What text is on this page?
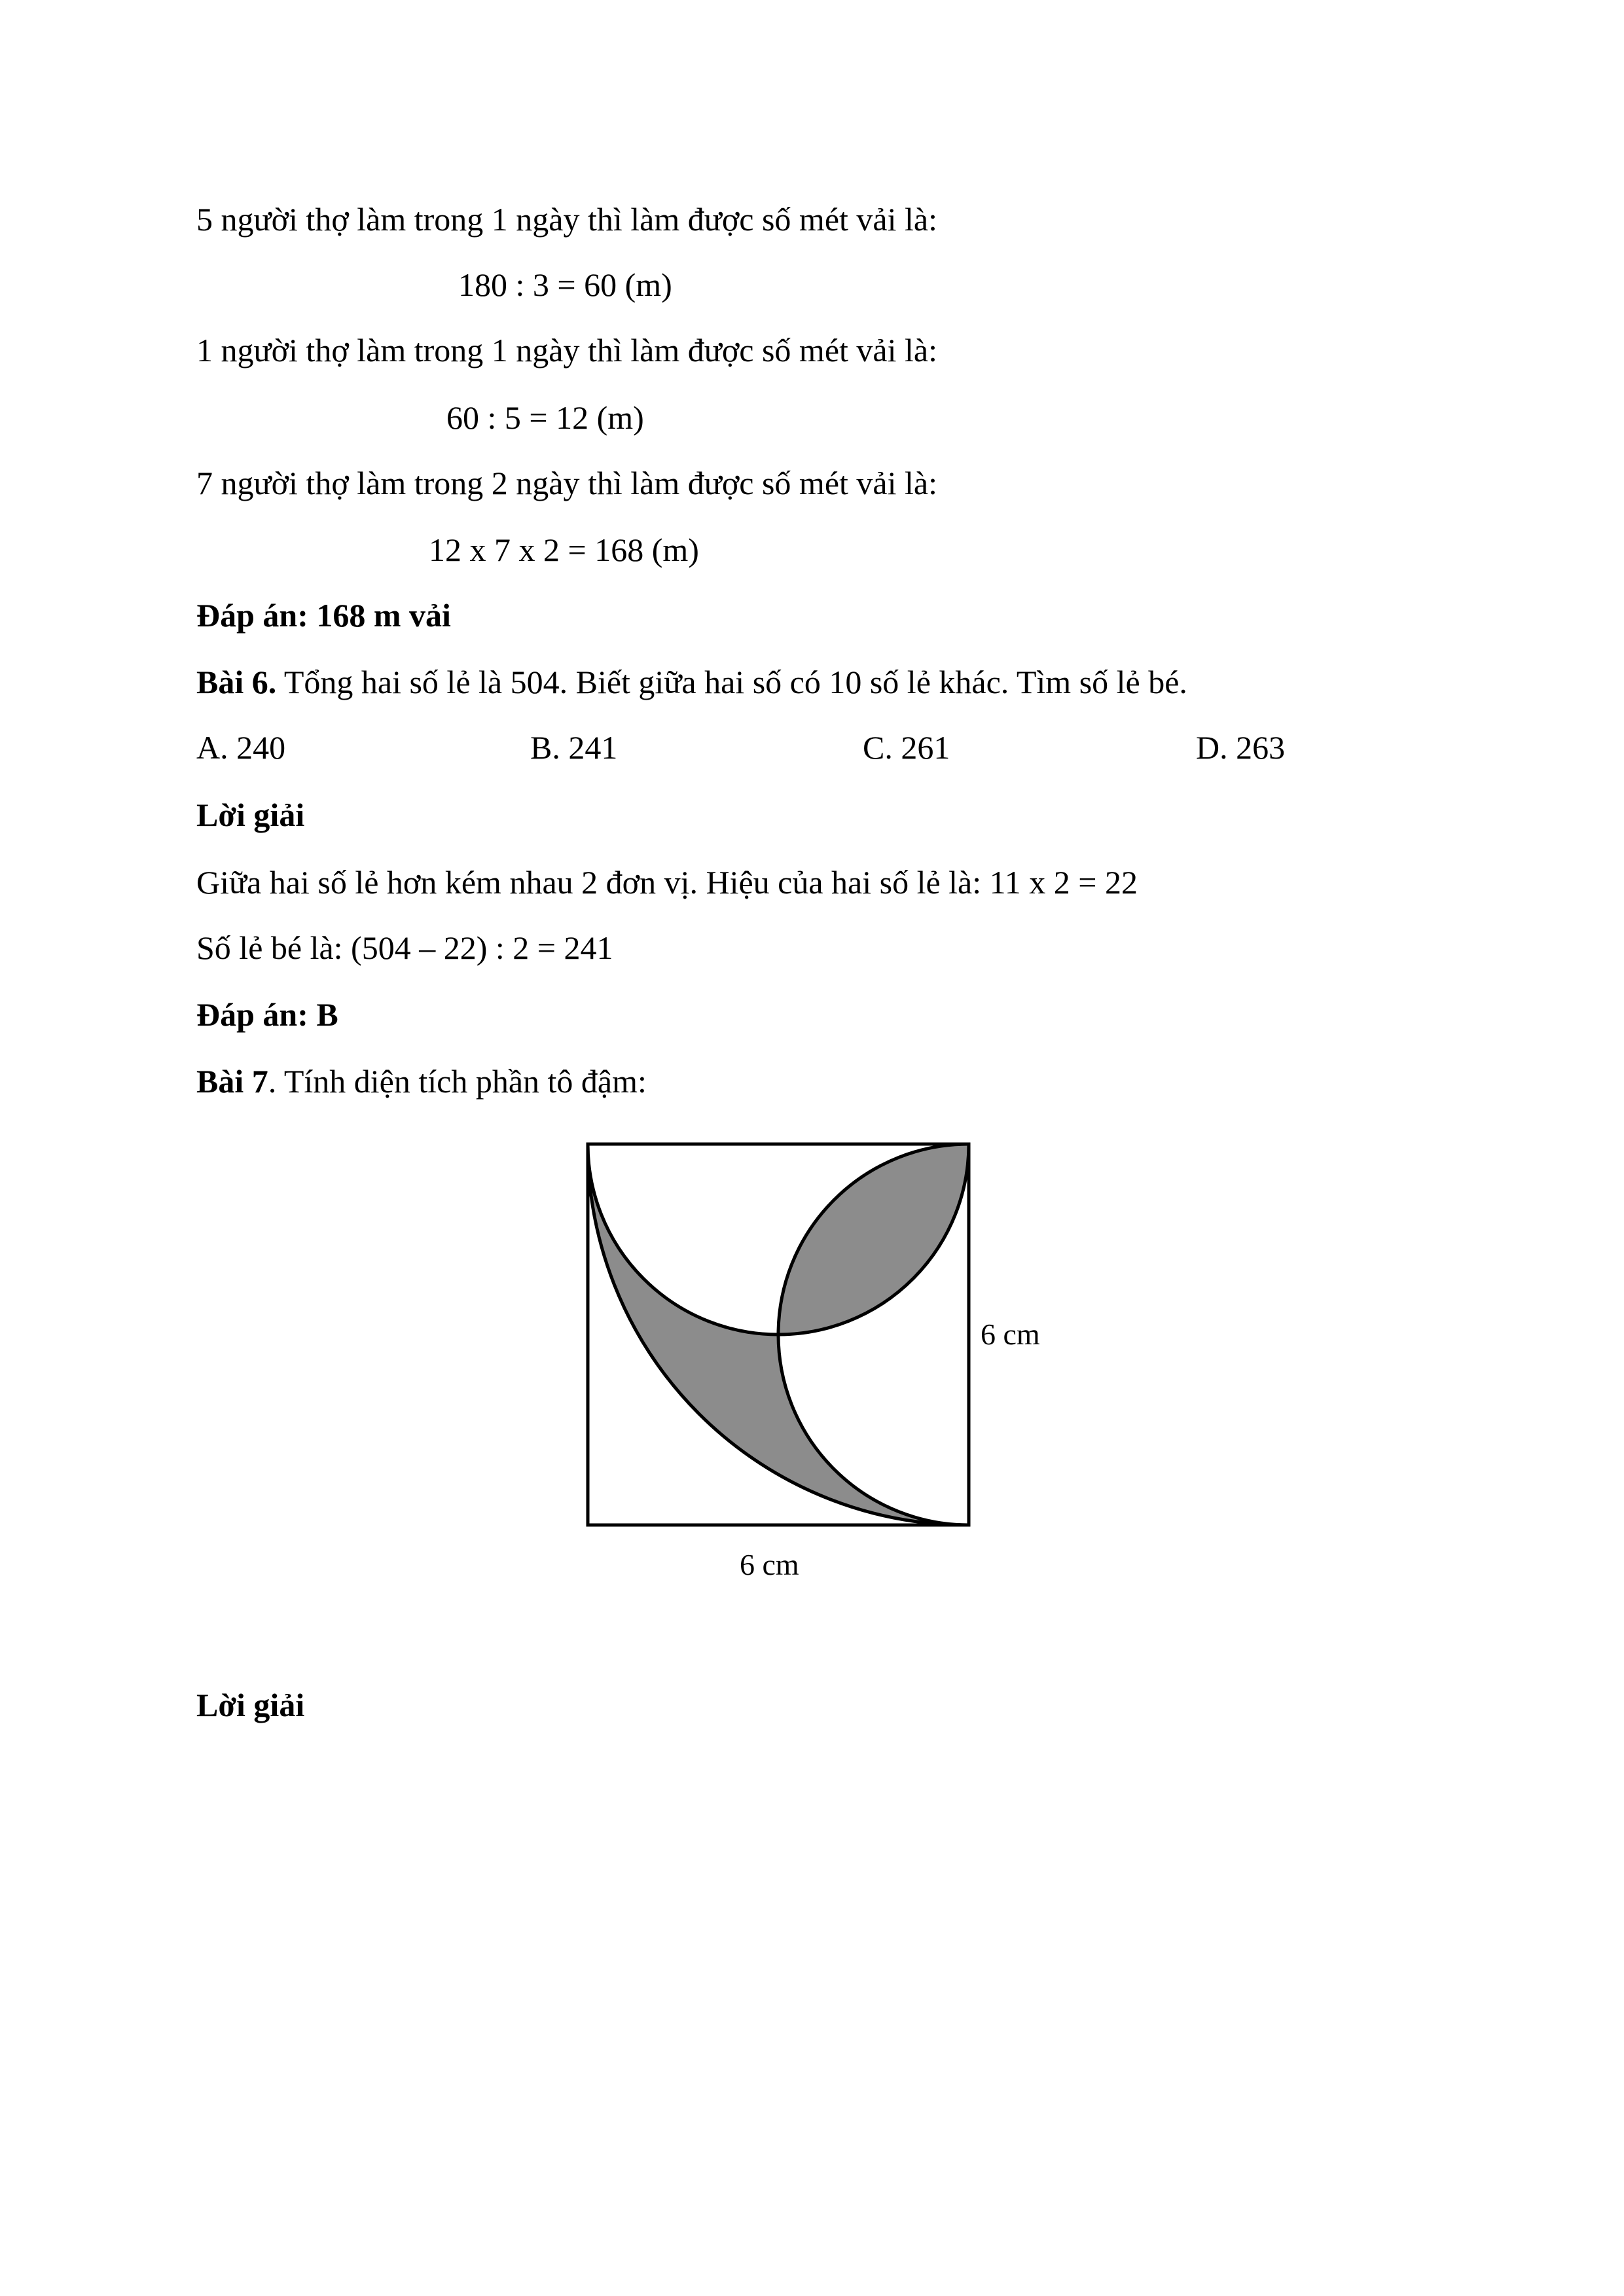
5 người thợ làm trong 1 ngày thì làm được số mét vải là:
180 : 3 = 60 (m)
1 người thợ làm trong 1 ngày thì làm được số mét vải là:
60 : 5 = 12 (m)
7 người thợ làm trong 2 ngày thì làm được số mét vải là:
12 x 7 x 2 = 168 (m)
Đáp án: 168 m vải
Bài 6. Tổng hai số lẻ là 504. Biết giữa hai số có 10 số lẻ khác. Tìm số lẻ bé.
A. 240	B. 241	C. 261	D. 263
Lời giải
Giữa hai số lẻ hơn kém nhau 2 đơn vị. Hiệu của hai số lẻ là: 11 x 2 = 22
Số lẻ bé là: (504 – 22) : 2 = 241
Đáp án: B
Bài 7. Tính diện tích phần tô đậm:
6 cm
6 cm
Lời giải
